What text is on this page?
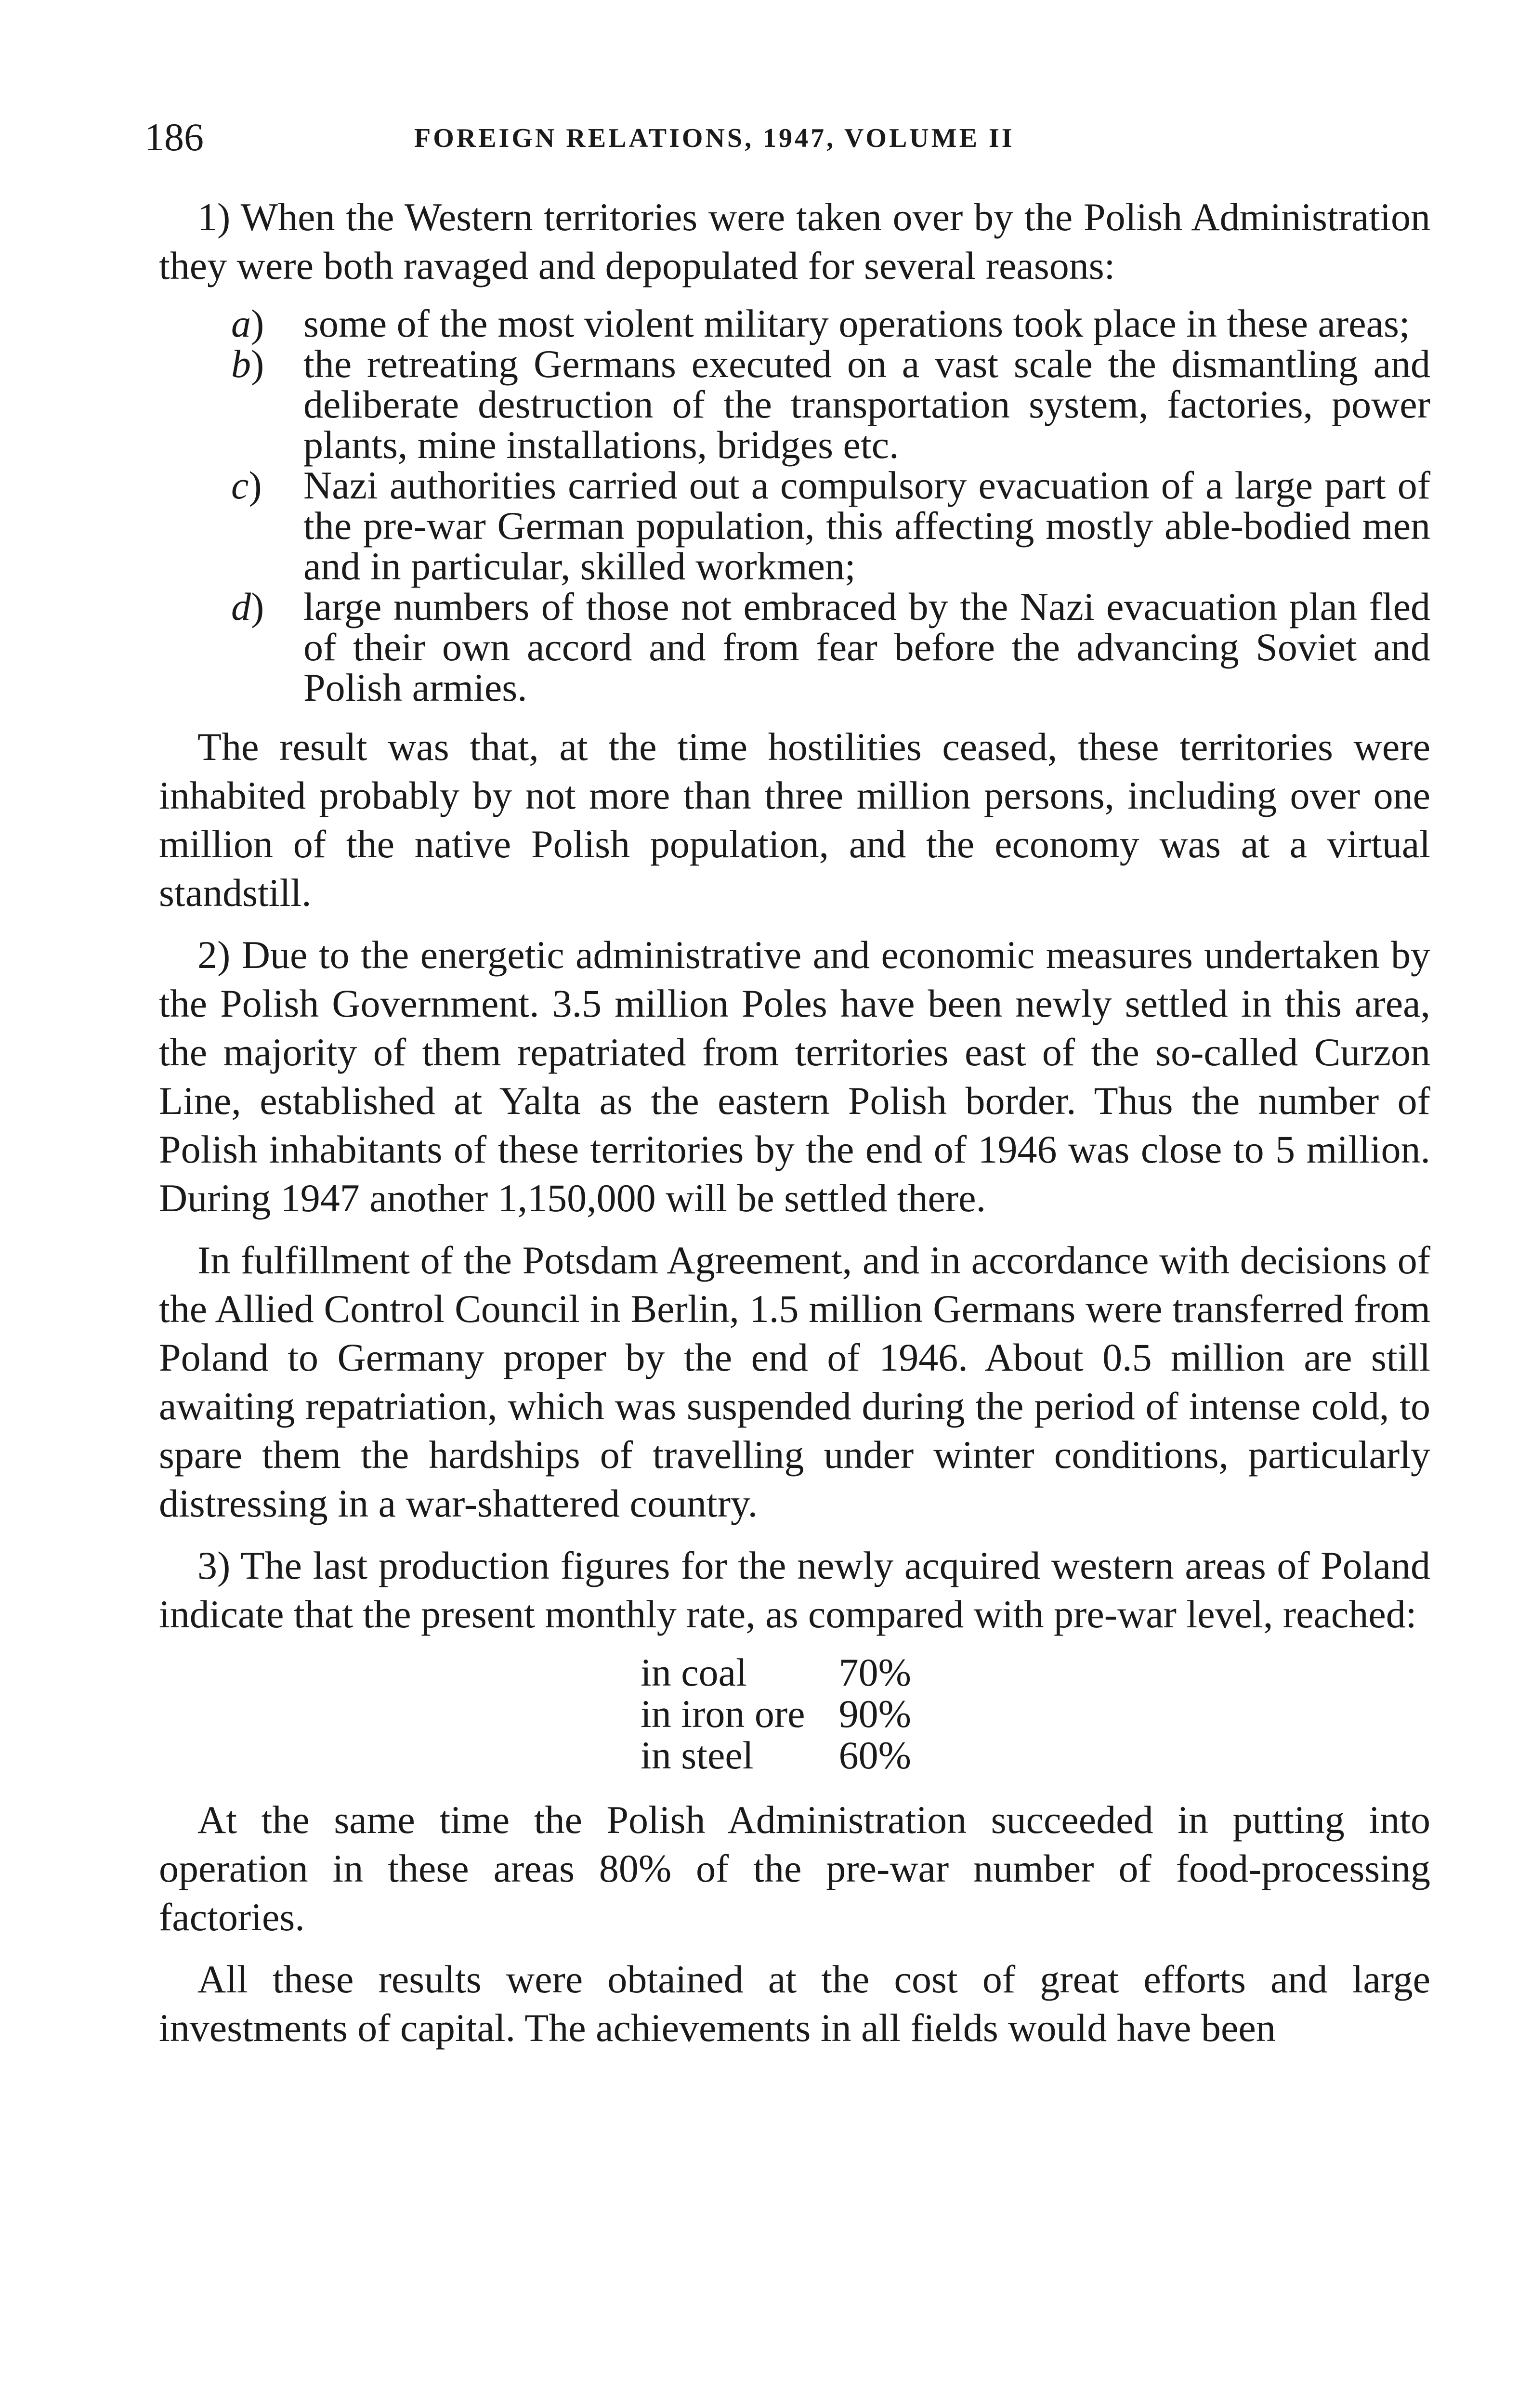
186	FOREIGN RELATIONS, 1947, VOLUME II

1) When the Western territories were taken over by the Polish Administration they were both ravaged and depopulated for several reasons:

a )	some of the most violent military operations took place in these areas;
b )	the retreating Germans executed on a vast scale the dismantling and deliberate destruction of the transportation system, factories, power plants, mine installations, bridges etc.
c )	Nazi authorities carried out a compulsory evacuation of a large part of the pre-war German population, this affecting mostly able-bodied men and in particular, skilled workmen;
d )	large numbers of those not embraced by the Nazi evacuation plan fled of their own accord and from fear before the advancing Soviet and Polish armies.

The result was that, at the time hostilities ceased, these territories were inhabited probably by not more than three million persons, including over one million of the native Polish population, and the economy was at a virtual standstill.

2) Due to the energetic administrative and economic measures undertaken by the Polish Government. 3.5 million Poles have been newly settled in this area, the majority of them repatriated from territories east of the so-called Curzon Line, established at Yalta as the eastern Polish border. Thus the number of Polish inhabitants of these territories by the end of 1946 was close to 5 million. During 1947 another 1,150,000 will be settled there.

In fulfillment of the Potsdam Agreement, and in accordance with decisions of the Allied Control Council in Berlin, 1.5 million Germans were transferred from Poland to Germany proper by the end of 1946. About 0.5 million are still awaiting repatriation, which was suspended during the period of intense cold, to spare them the hardships of travelling under winter conditions, particularly distressing in a war-shattered country.

3) The last production figures for the newly acquired western areas of Poland indicate that the present monthly rate, as compared with pre-war level, reached:

in coal	70%
in iron ore	90%
in steel	60%

At the same time the Polish Administration succeeded in putting into operation in these areas 80% of the pre-war number of food-processing factories.

All these results were obtained at the cost of great efforts and large investments of capital. The achievements in all fields would have been
